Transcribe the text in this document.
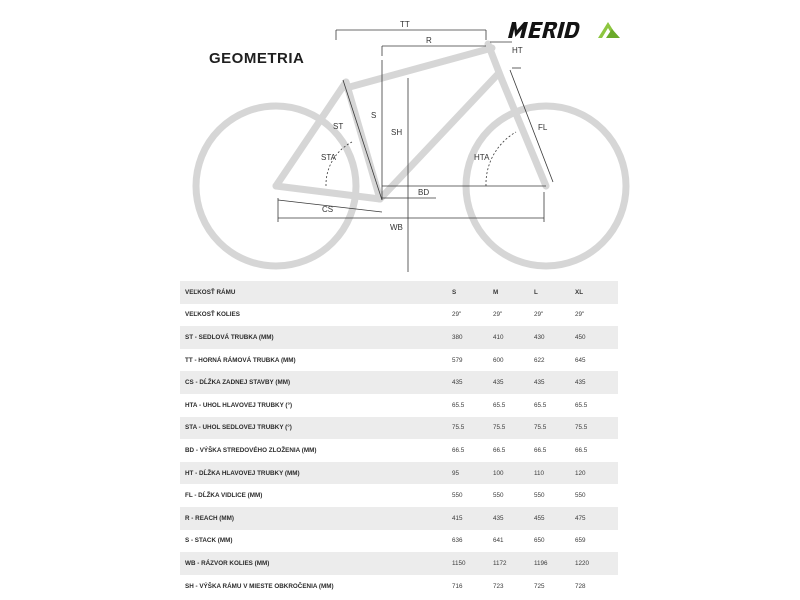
TT
R
HT
ST
S
SH
STA
FL
HTA
BD
CS
WB
GEOMETRIA
VEĽKOSŤ RÁMU	S	M	L	XL
VEĽKOSŤ KOLIES	29"	29"	29"	29"
ST - SEDLOVÁ TRUBKA (MM)	380	410	430	450
TT - HORNÁ RÁMOVÁ TRUBKA (MM)	579	600	622	645
CS - DĹŽKA ZADNEJ STAVBY (MM)	435	435	435	435
HTA - UHOL HLAVOVEJ TRUBKY (°)	65.5	65.5	65.5	65.5
STA - UHOL SEDLOVEJ TRUBKY (°)	75.5	75.5	75.5	75.5
BD - VÝŠKA STREDOVÉHO ZLOŽENIA (MM)	66.5	66.5	66.5	66.5
HT - DĹŽKA HLAVOVEJ TRUBKY (MM)	95	100	110	120
FL - DĹŽKA VIDLICE (MM)	550	550	550	550
R - REACH (MM)	415	435	455	475
S - STACK (MM)	636	641	650	659
WB - RÁZVOR KOLIES (MM)	1150	1172	1196	1220
SH - VÝŠKA RÁMU V MIESTE OBKROČENIA (MM)	716	723	725	728
